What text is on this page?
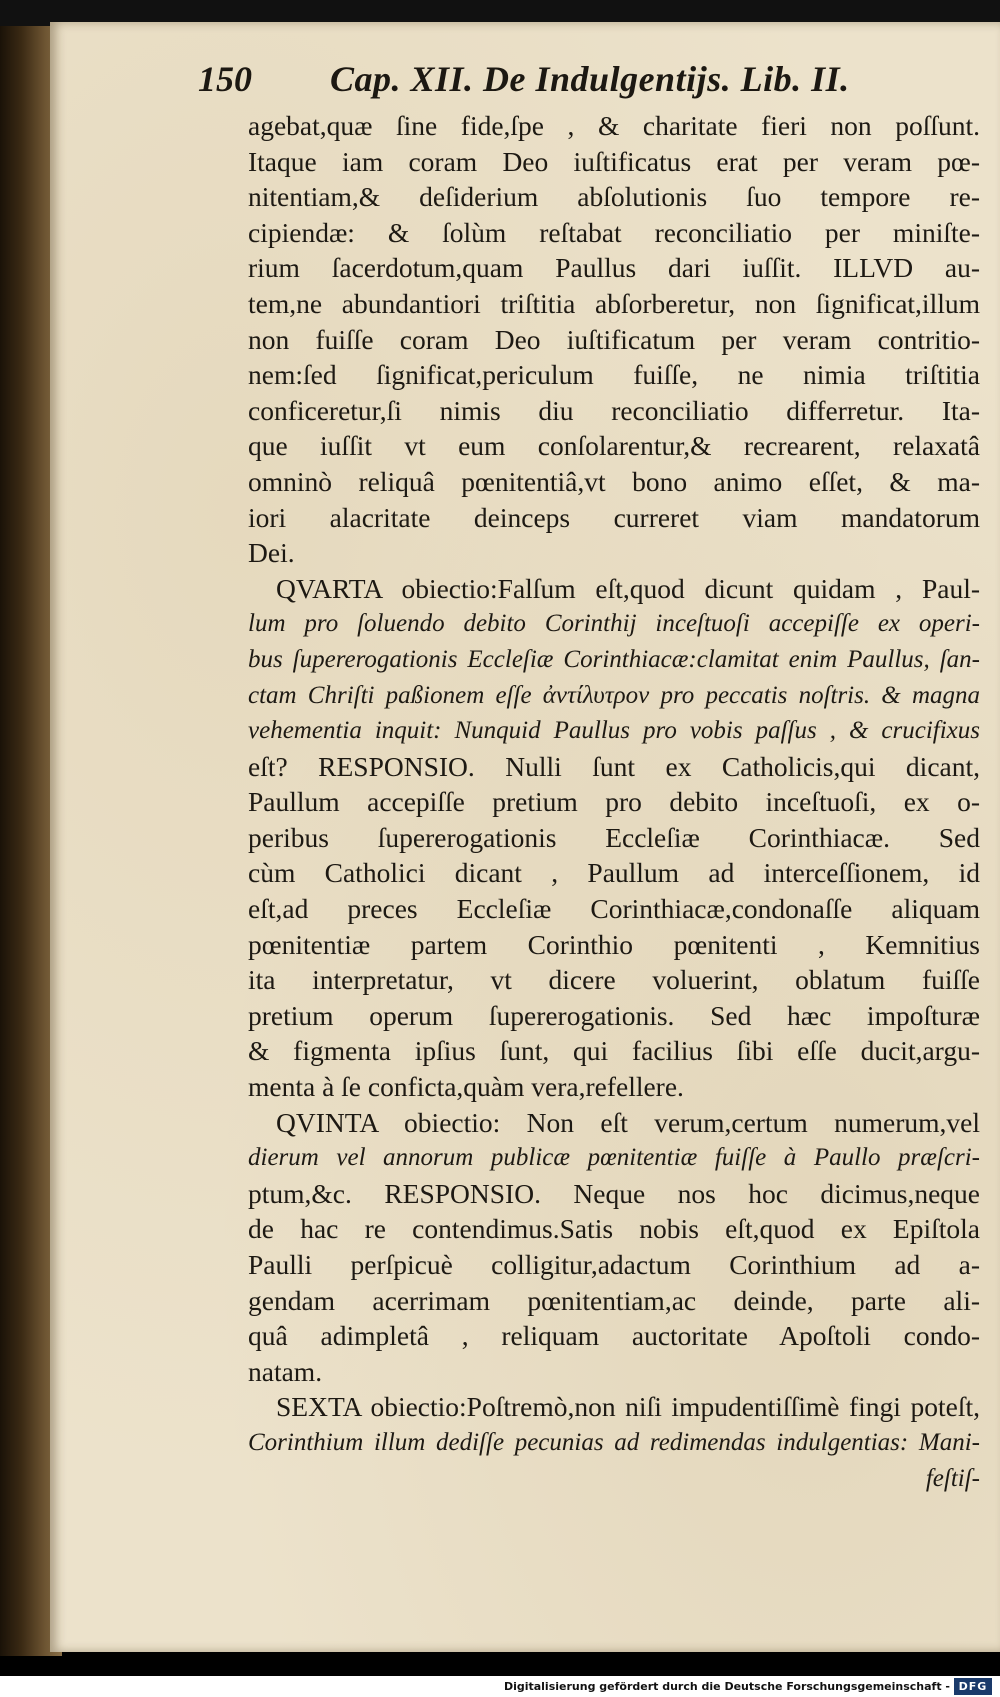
150 Cap. XII. De Indulgentijs. Lib. II.
agebat,quæ ſine fide,ſpe , & charitate fieri non poſſunt.
Itaque iam coram Deo iuſtificatus erat per veram pœ-
nitentiam,& deſiderium abſolutionis ſuo tempore re-
cipiendæ: & ſolùm reſtabat reconciliatio per miniſte-
rium ſacerdotum,quam Paullus dari iuſſit. ILLVD au-
tem,ne abundantiori triſtitia abſorberetur, non ſignificat,illum
non fuiſſe coram Deo iuſtificatum per veram contritio-
nem:ſed ſignificat,periculum fuiſſe, ne nimia triſtitia
conficeretur,ſi nimis diu reconciliatio differretur. Ita-
que iuſſit vt eum conſolarentur,& recrearent, relaxatâ
omninò reliquâ pœnitentiâ,vt bono animo eſſet, & ma-
iori alacritate deinceps curreret viam mandatorum
Dei.
QVARTA obiectio:Falſum eſt,quod dicunt quidam , Paul-
lum pro ſoluendo debito Corinthij inceſtuoſi accepiſſe ex operi-
bus ſupererogationis Eccleſiæ Corinthiacæ:clamitat enim Paullus, ſan-
ctam Chriſti paßionem eſſe ἀντίλυτρον pro peccatis noſtris. & magna
vehementia inquit: Nunquid Paullus pro vobis paſſus , & crucifixus
eſt? RESPONSIO. Nulli ſunt ex Catholicis,qui dicant,
Paullum accepiſſe pretium pro debito inceſtuoſi, ex o-
peribus ſupererogationis Eccleſiæ Corinthiacæ. Sed
cùm Catholici dicant , Paullum ad interceſſionem, id
eſt,ad preces Eccleſiæ Corinthiacæ,condonaſſe aliquam
pœnitentiæ partem Corinthio pœnitenti , Kemnitius
ita interpretatur, vt dicere voluerint, oblatum fuiſſe
pretium operum ſupererogationis. Sed hæc impoſturæ
& figmenta ipſius ſunt, qui facilius ſibi eſſe ducit,argu-
menta à ſe confiсta,quàm vera,refellere.
QVINTA obiectio: Non eſt verum,certum numerum,vel
dierum vel annorum publicæ pœnitentiæ fuiſſe à Paullo præſcri-
ptum,&c. RESPONSIO. Neque nos hoc dicimus,neque
de hac re contendimus.Satis nobis eſt,quod ex Epiſtola
Paulli perſpicuè colligitur,adactum Corinthium ad a-
gendam acerrimam pœnitentiam,ac deinde, parte ali-
quâ adimpletâ , reliquam auctoritate Apoſtoli condo-
natam.
SEXTA obiectio:Poſtremò,non niſi impudentiſſimè fingi poteſt,
Corinthium illum dediſſe pecunias ad redimendas indulgentias: Mani-
feſtiſ-
Digitalisierung gefördert durch die Deutsche Forschungsgemeinschaft - DFG
